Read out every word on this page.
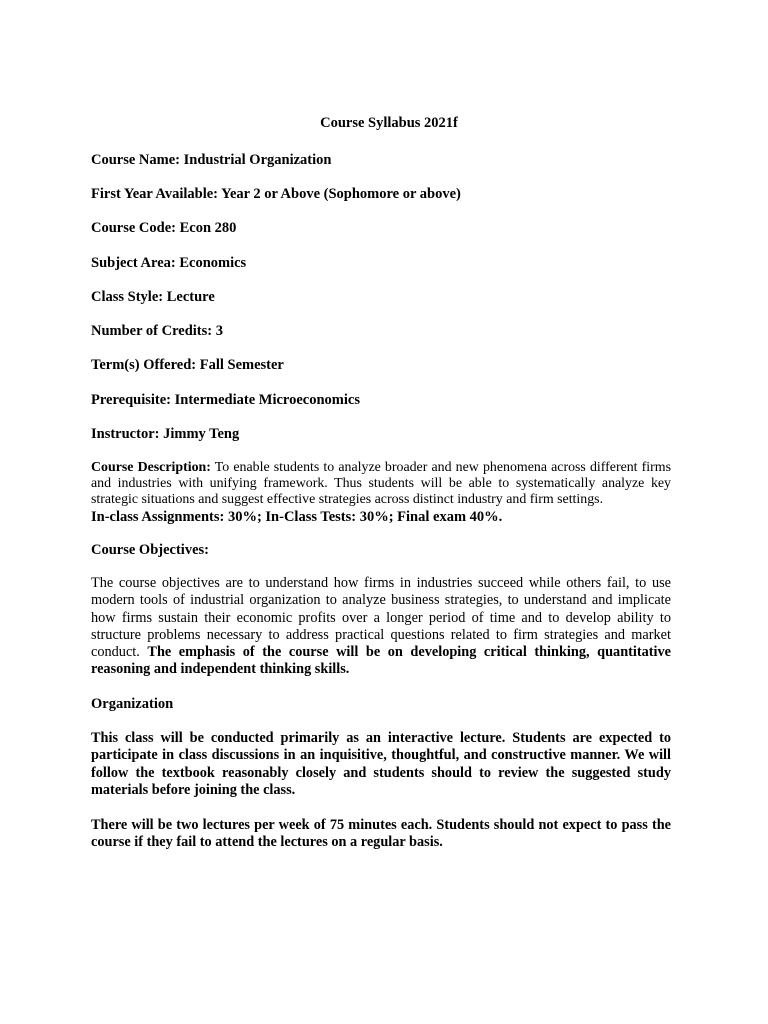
Course Syllabus 2021f
Course Name: Industrial Organization
First Year Available: Year 2 or Above (Sophomore or above)
Course Code: Econ 280
Subject Area: Economics
Class Style: Lecture
Number of Credits: 3
Term(s) Offered: Fall Semester
Prerequisite: Intermediate Microeconomics
Instructor: Jimmy Teng
Course Description: To enable students to analyze broader and new phenomena across different firms and industries with unifying framework. Thus students will be able to systematically analyze key strategic situations and suggest effective strategies across distinct industry and firm settings.
In-class Assignments: 30%; In-Class Tests: 30%; Final exam 40%.
Course Objectives:
The course objectives are to understand how firms in industries succeed while others fail, to use modern tools of industrial organization to analyze business strategies, to understand and implicate how firms sustain their economic profits over a longer period of time and to develop ability to structure problems necessary to address practical questions related to firm strategies and market conduct. The emphasis of the course will be on developing critical thinking, quantitative reasoning and independent thinking skills.
Organization
This class will be conducted primarily as an interactive lecture. Students are expected to participate in class discussions in an inquisitive, thoughtful, and constructive manner. We will follow the textbook reasonably closely and students should to review the suggested study materials before joining the class.
There will be two lectures per week of 75 minutes each. Students should not expect to pass the course if they fail to attend the lectures on a regular basis.
